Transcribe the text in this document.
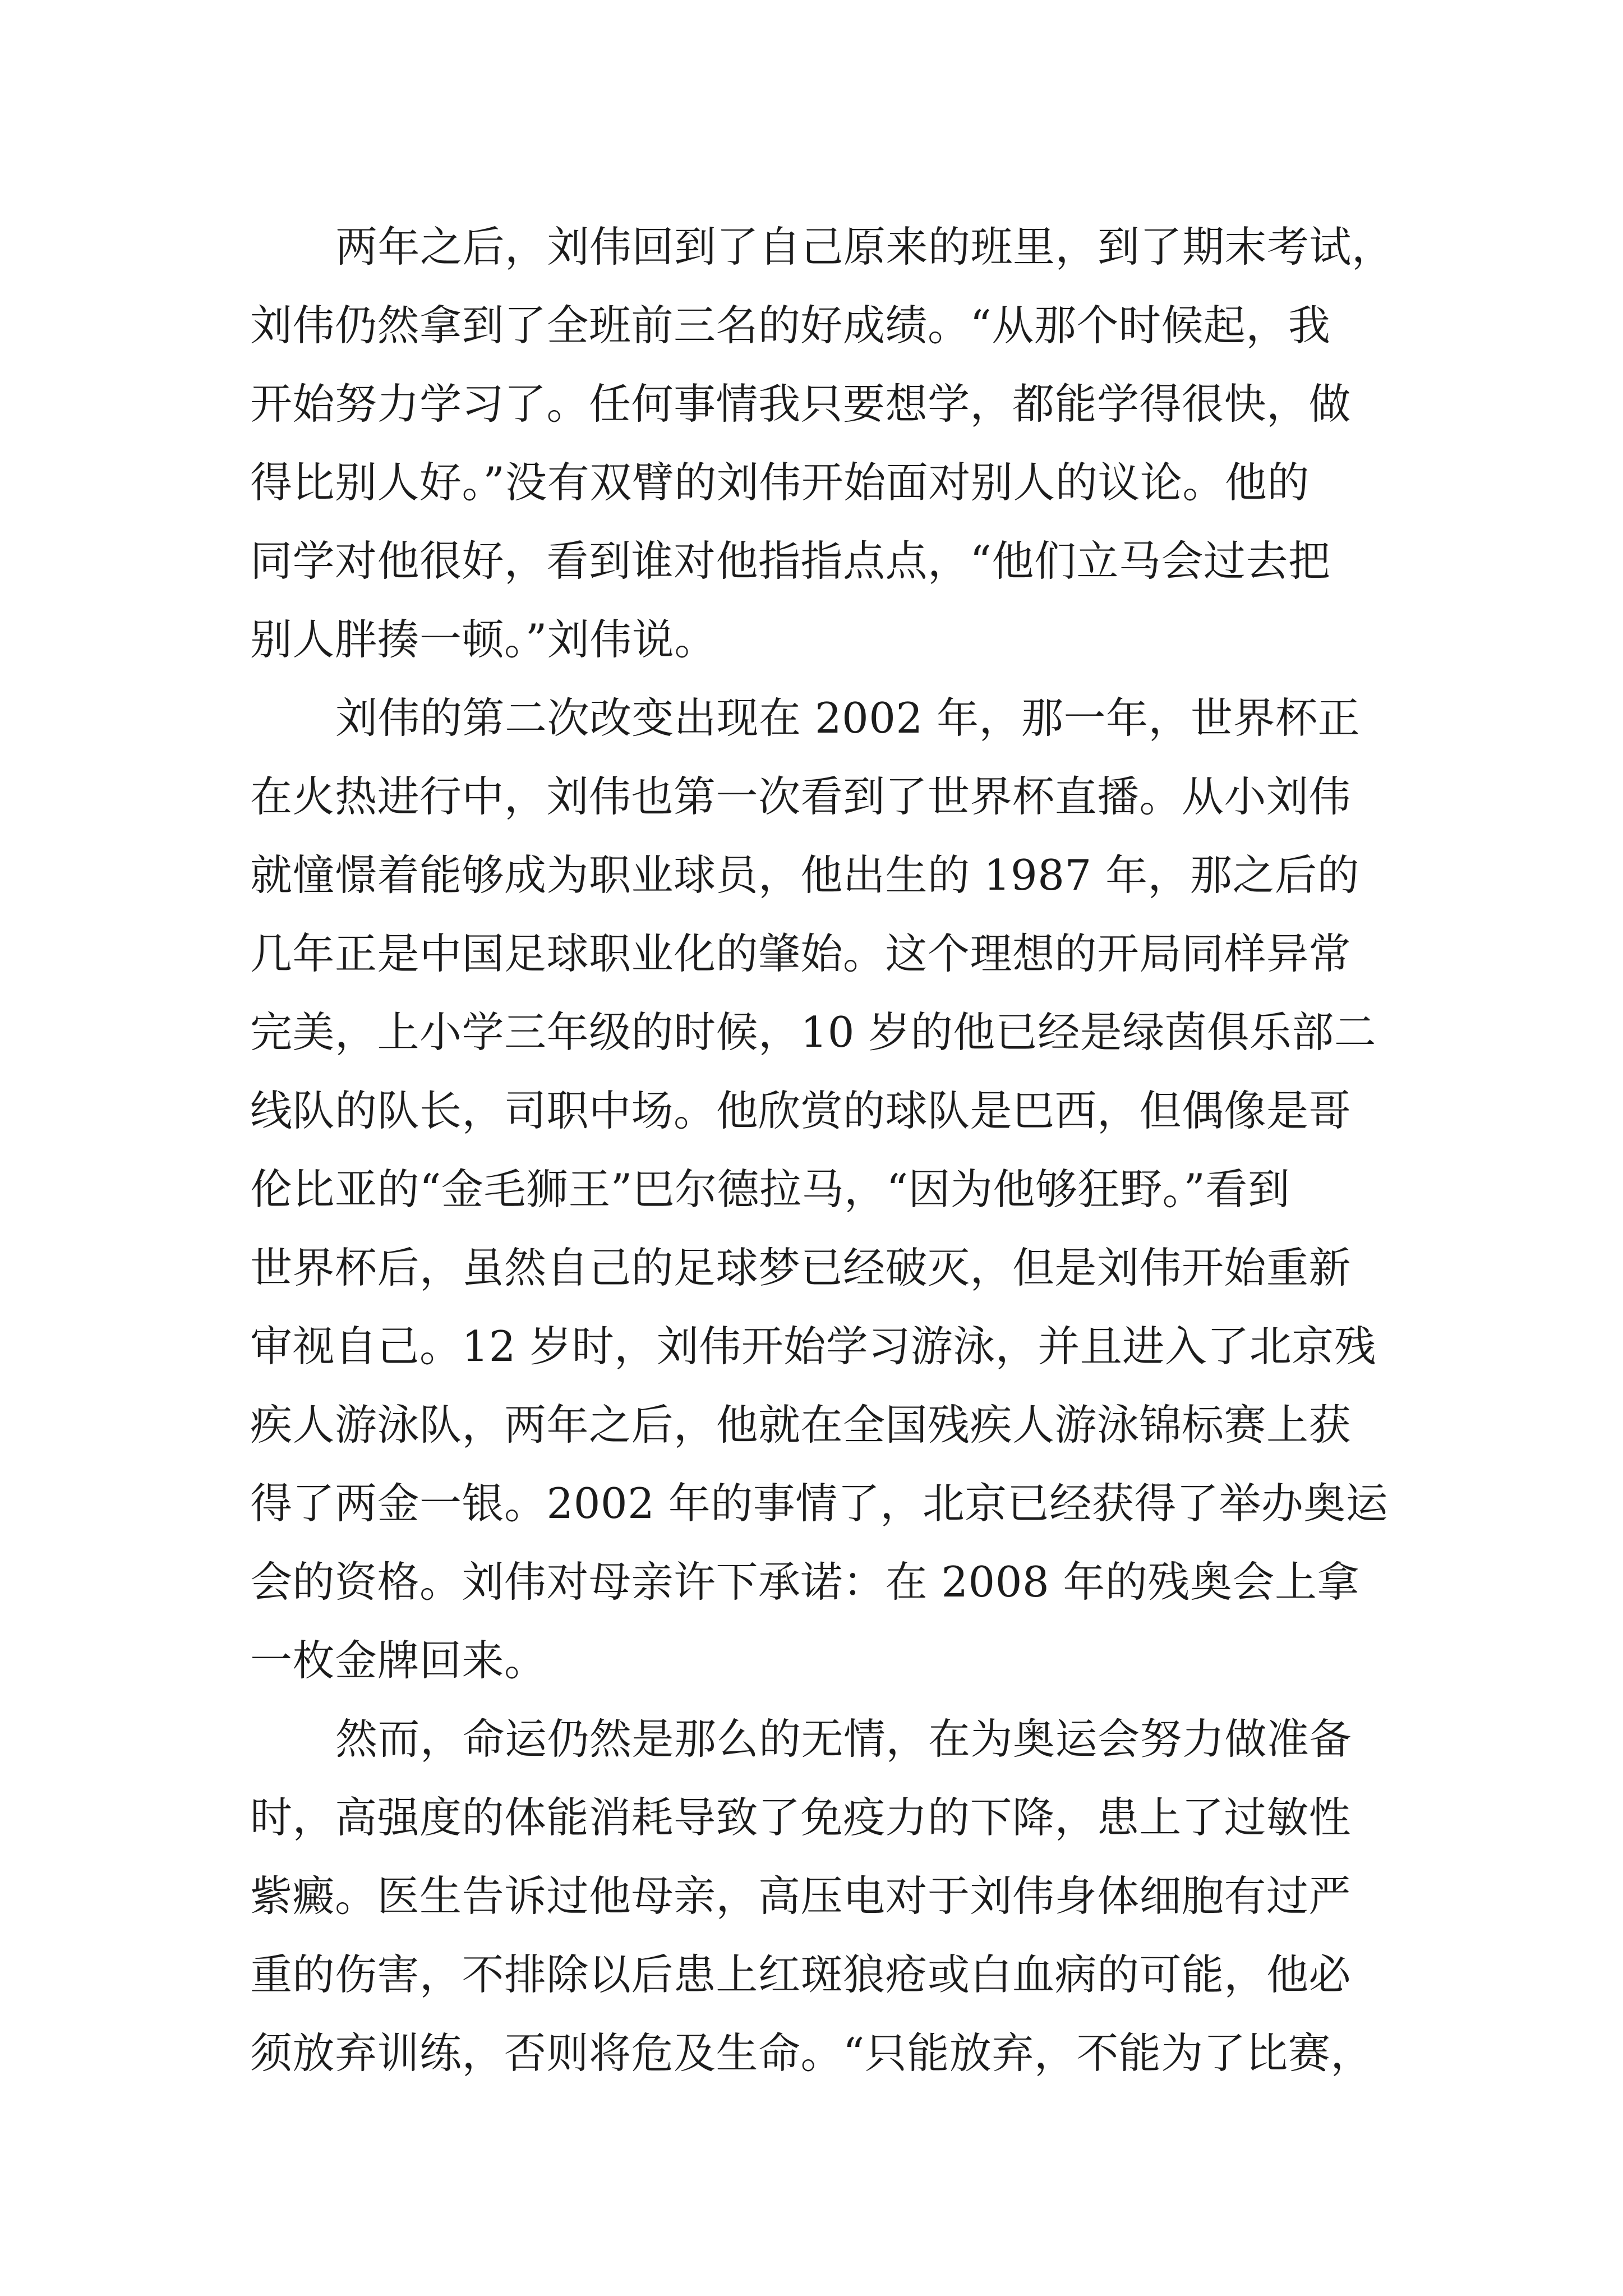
两年之后，刘伟回到了自己原来的班里，到了期末考试，
刘伟仍然拿到了全班前三名的好成绩。“从那个时候起，我
开始努力学习了。任何事情我只要想学，都能学得很快，做
得比别人好。”没有双臂的刘伟开始面对别人的议论。他的
同学对他很好，看到谁对他指指点点，“他们立马会过去把
别人胖揍一顿。”刘伟说。

刘伟的第二次改变出现在 2002 年，那一年，世界杯正
在火热进行中，刘伟也第一次看到了世界杯直播。从小刘伟
就憧憬着能够成为职业球员，他出生的 1987 年，那之后的
几年正是中国足球职业化的肇始。这个理想的开局同样异常
完美，上小学三年级的时候，10 岁的他已经是绿茵俱乐部二
线队的队长，司职中场。他欣赏的球队是巴西，但偶像是哥
伦比亚的“金毛狮王”巴尔德拉马，“因为他够狂野。”看到
世界杯后，虽然自己的足球梦已经破灭，但是刘伟开始重新
审视自己。12 岁时，刘伟开始学习游泳，并且进入了北京残
疾人游泳队，两年之后，他就在全国残疾人游泳锦标赛上获
得了两金一银。2002 年的事情了，北京已经获得了举办奥运
会的资格。刘伟对母亲许下承诺：在 2008 年的残奥会上拿
一枚金牌回来。

然而，命运仍然是那么的无情，在为奥运会努力做准备
时，高强度的体能消耗导致了免疫力的下降，患上了过敏性
紫癜。医生告诉过他母亲，高压电对于刘伟身体细胞有过严
重的伤害，不排除以后患上红斑狼疮或白血病的可能，他必
须放弃训练，否则将危及生命。“只能放弃，不能为了比赛，
